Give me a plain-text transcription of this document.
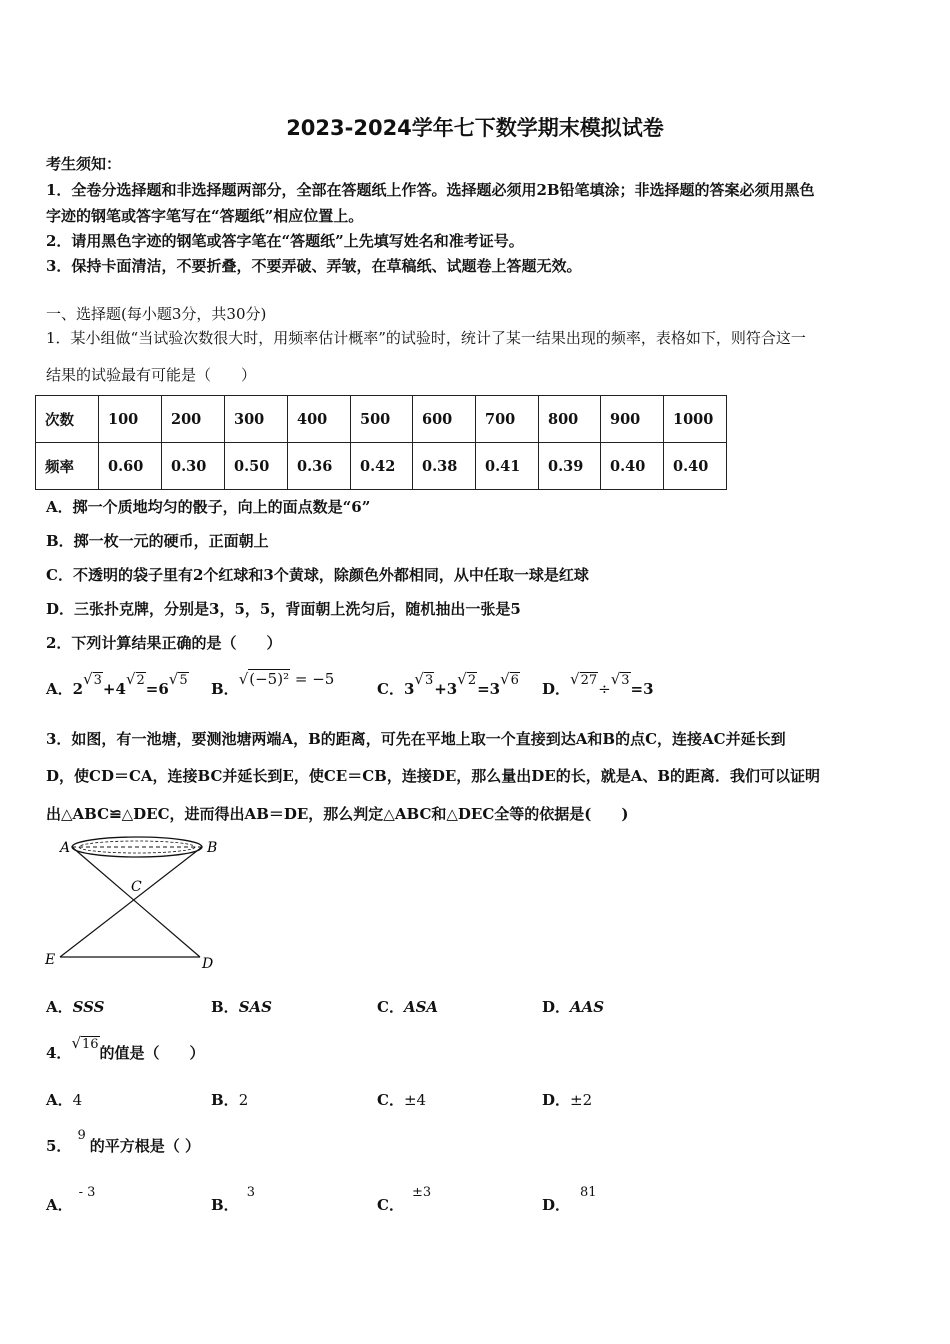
2023-2024学年七下数学期末模拟试卷
考生须知：
1．全卷分选择题和非选择题两部分，全部在答题纸上作答。选择题必须用2B铅笔填涂；非选择题的答案必须用黑色
字迹的钢笔或答字笔写在“答题纸”相应位置上。
2．请用黑色字迹的钢笔或答字笔在“答题纸”上先填写姓名和准考证号。
3．保持卡面清洁，不要折叠，不要弄破、弄皱，在草稿纸、试题卷上答题无效。
一、选择题(每小题3分，共30分)
1．某小组做“当试验次数很大时，用频率估计概率”的试验时，统计了某一结果出现的频率，表格如下，则符合这一
结果的试验最有可能是（　　）
次数	100	200	300	400	500	600	700	800	900	1000
频率	0.60	0.30	0.50	0.36	0.42	0.38	0.41	0.39	0.40	0.40
A．掷一个质地均匀的骰子，向上的面点数是“6”
B．掷一枚一元的硬币，正面朝上
C．不透明的袋子里有2个红球和3个黄球，除颜色外都相同，从中任取一球是红球
D．三张扑克牌，分别是3，5，5，背面朝上洗匀后，随机抽出一张是5
2．下列计算结果正确的是（　　）
A．2√3+4√2=6√5 B．√(−5)² = −5
C．3√3+3√2=3√6 D．√27÷√3=3
3．如图，有一池塘，要测池塘两端A，B的距离，可先在平地上取一个直接到达A和B的点C，连接AC并延长到
D，使CD＝CA，连接BC并延长到E，使CE＝CB，连接DE，那么量出DE的长，就是A、B的距离．我们可以证明
出△ABC≌△DEC，进而得出AB＝DE，那么判定△ABC和△DEC全等的依据是(　　)
A	B
C
E	D
A．SSS	B．SAS	C．ASA	D．AAS
4．√16的值是（　　）
A．4	B．2	C．±4	D．±2
5．9的平方根是（ ）
A．- 3
B．3
C．±3
D．81
